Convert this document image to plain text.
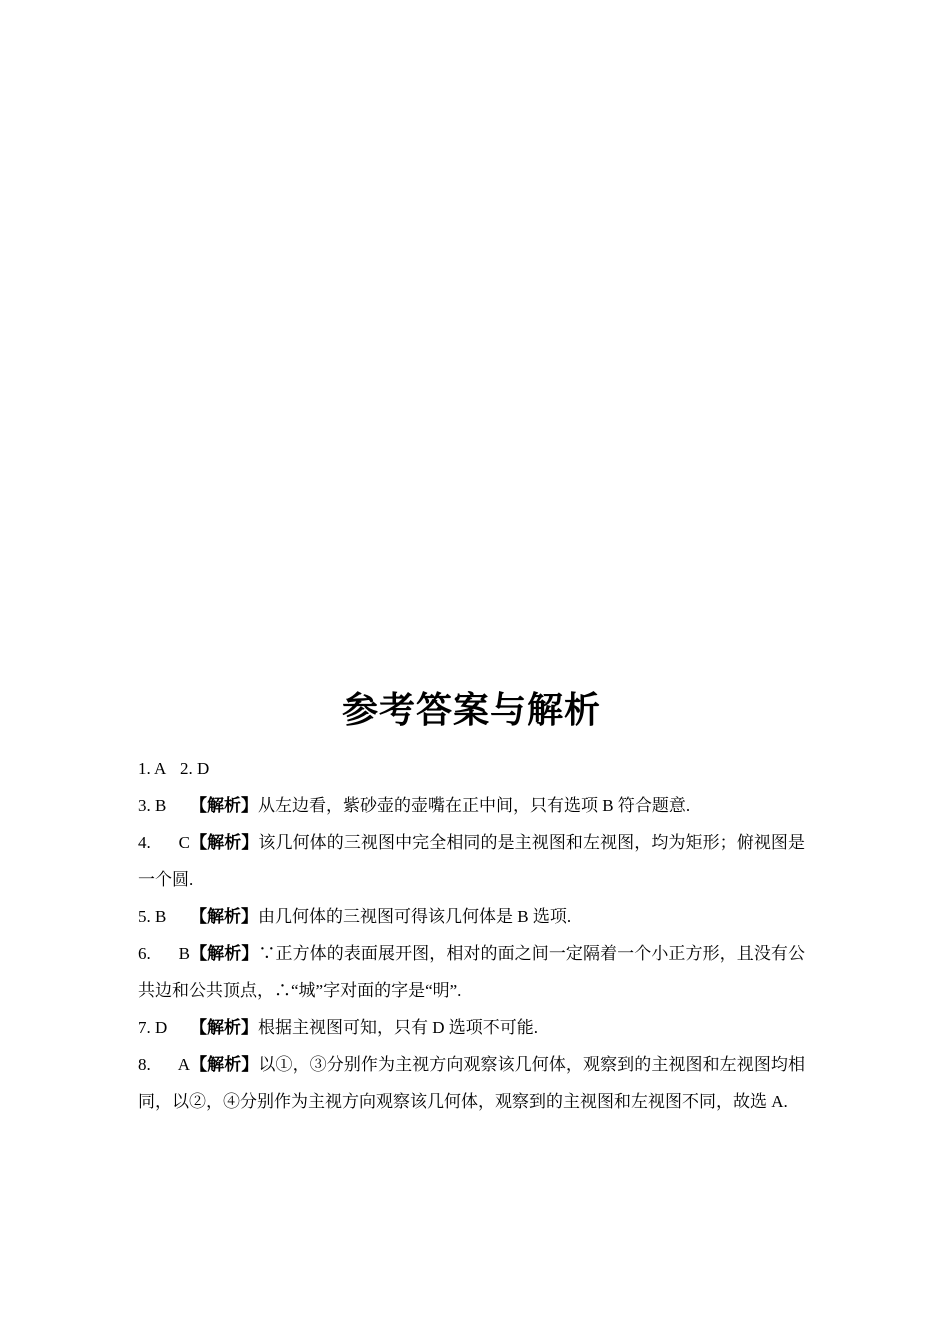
参考答案与解析
1. A 2. D
3. B 【解析】从左边看，紫砂壶的壶嘴在正中间，只有选项 B 符合题意.
4. C【解析】该几何体的三视图中完全相同的是主视图和左视图，均为矩形；俯视图是
一个圆.
5. B 【解析】由几何体的三视图可得该几何体是 B 选项.
6. B【解析】∵正方体的表面展开图，相对的面之间一定隔着一个小正方形，且没有公
共边和公共顶点，∴“城”字对面的字是“明”.
7. D 【解析】根据主视图可知，只有 D 选项不可能.
8. A【解析】以①，③分别作为主视方向观察该几何体，观察到的主视图和左视图均相
同，以②，④分别作为主视方向观察该几何体，观察到的主视图和左视图不同，故选 A.
